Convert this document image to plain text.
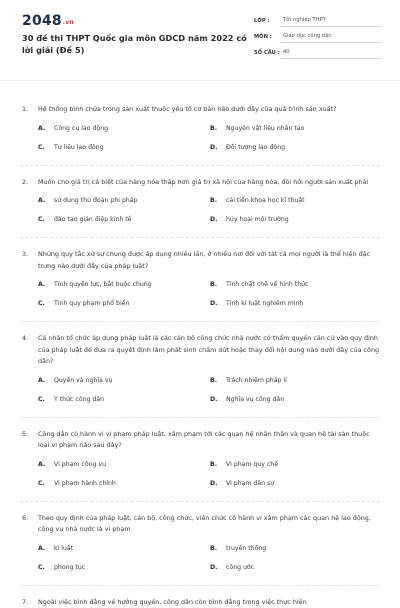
2048.vn
30 đề thi THPT Quốc gia môn GDCD năm 2022 có lời giải (Đề 5)
LỚP :	Tốt nghiệp THPT
MÔN :	Giáo dục công dân
SỐ CÂU : 40
1.	Hệ thống bình chứa trong sản xuất thuộc yếu tố cơ bản nào dưới đây của quá trình sản xuất?
A.	Công cụ lao động	B.	Nguyên vật liệu nhân tạo
C.	Tư liệu lao động	D.	Đối tượng lao động
2.	Muốn cho giá trị cá biệt của hàng hóa thấp hơn giá trị xã hội của hàng hóa, đòi hỏi người sản xuất phải
A.	sử dụng thủ đoạn phi pháp	B.	cải tiến khoa học kĩ thuật
C.	đào tạo gián điệp kinh tế	D.	hủy hoại môi trường
3.	Những quy tắc xử sự chung được áp dụng nhiều lần, ở nhiều nơi đối với tất cả mọi người là thể hiện đặc trưng nào dưới đây của pháp luật?
A.	Tính quyền lực, bắt buộc chung	B.	Tính chặt chẽ về hình thức
C.	Tính quy phạm phổ biến	D.	Tính kỉ luật nghiêm minh
4.	Cá nhân tổ chức áp dụng pháp luật là các cán bộ công chức nhà nước có thẩm quyền căn cứ vào quy định của pháp luật để đưa ra quyết định làm phát sinh chấm dứt hoặc thay đổi nội dung nào dưới đây của công dân?
A.	Quyền và nghĩa vụ	B.	Trách nhiệm pháp lí
C.	Ý thức công dân	D.	Nghĩa vụ công dân
5.	Công dân có hành vi vi phạm pháp luật, xâm phạm tới các quan hệ nhân thân và quan hệ tài sản thuộc loại vi phạm nào sau đây?
A.	Vi phạm công vụ	B.	Vi phạm quy chế
C.	Vi phạm hành chính	D.	Vi phạm dân sự
6.	Theo quy định của pháp luật, cán bộ, công chức, viên chức có hành vi xâm phạm các quan hệ lao động, công vụ nhà nước là vi phạm
A.	kỉ luật	B.	truyền thống
C.	phong tục	D.	công ước
7.	Ngoài việc bình đẳng về hưởng quyền, công dân còn bình đẳng trong việc thực hiện
